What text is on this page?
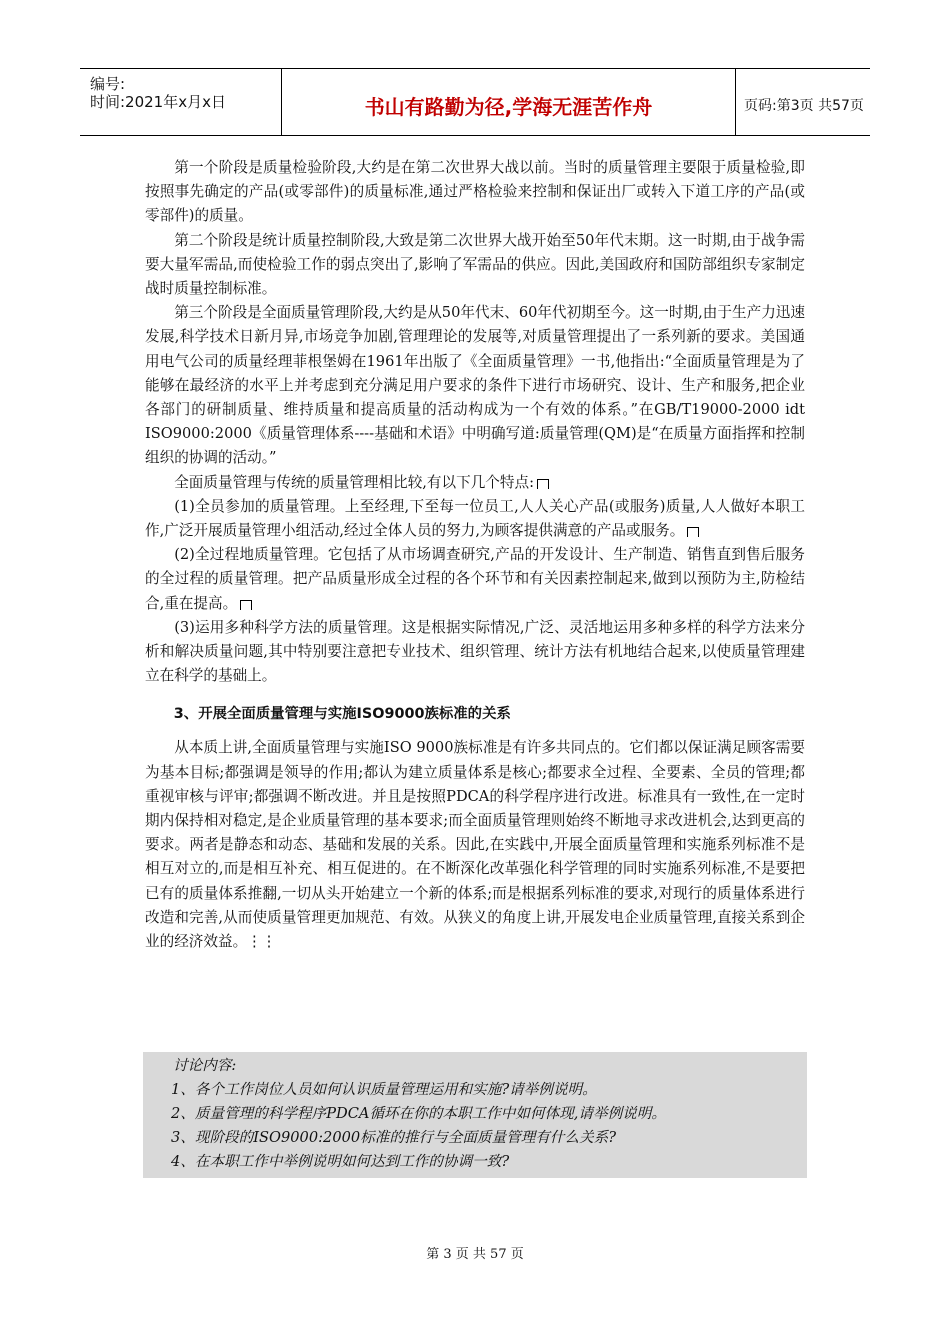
编号:
时间:2021年x月x日	书山有路勤为径,学海无涯苦作舟	页码:第3页 共57页

第一个阶段是质量检验阶段,大约是在第二次世界大战以前。当时的质量管理主要限于质量检验,即按照事先确定的产品(或零部件)的质量标准,通过严格检验来控制和保证出厂或转入下道工序的产品(或零部件)的质量。

第二个阶段是统计质量控制阶段,大致是第二次世界大战开始至50年代末期。这一时期,由于战争需要大量军需品,而使检验工作的弱点突出了,影响了军需品的供应。因此,美国政府和国防部组织专家制定战时质量控制标准。

第三个阶段是全面质量管理阶段,大约是从50年代末、60年代初期至今。这一时期,由于生产力迅速发展,科学技术日新月异,市场竞争加剧,管理理论的发展等,对质量管理提出了一系列新的要求。美国通用电气公司的质量经理菲根堡姆在1961年出版了《全面质量管理》一书,他指出:“全面质量管理是为了能够在最经济的水平上并考虑到充分满足用户要求的条件下进行市场研究、设计、生产和服务,把企业各部门的研制质量、维持质量和提高质量的活动构成为一个有效的体系。”在GB/T19000-2000 idt ISO9000:2000《质量管理体系----基础和术语》中明确写道:质量管理(QM)是“在质量方面指挥和控制组织的协调的活动。”

全面质量管理与传统的质量管理相比较,有以下几个特点:

(1)全员参加的质量管理。上至经理,下至每一位员工,人人关心产品(或服务)质量,人人做好本职工作,广泛开展质量管理小组活动,经过全体人员的努力,为顾客提供满意的产品或服务。

(2)全过程地质量管理。它包括了从市场调查研究,产品的开发设计、生产制造、销售直到售后服务的全过程的质量管理。把产品质量形成全过程的各个环节和有关因素控制起来,做到以预防为主,防检结合,重在提高。

(3)运用多种科学方法的质量管理。这是根据实际情况,广泛、灵活地运用多种多样的科学方法来分析和解决质量问题,其中特别要注意把专业技术、组织管理、统计方法有机地结合起来,以使质量管理建立在科学的基础上。

3、开展全面质量管理与实施ISO9000族标准的关系

从本质上讲,全面质量管理与实施ISO 9000族标准是有许多共同点的。它们都以保证满足顾客需要为基本目标;都强调是领导的作用;都认为建立质量体系是核心;都要求全过程、全要素、全员的管理;都重视审核与评审;都强调不断改进。并且是按照PDCA的科学程序进行改进。标准具有一致性,在一定时期内保持相对稳定,是企业质量管理的基本要求;而全面质量管理则始终不断地寻求改进机会,达到更高的要求。两者是静态和动态、基础和发展的关系。因此,在实践中,开展全面质量管理和实施系列标准不是相互对立的,而是相互补充、相互促进的。在不断深化改革强化科学管理的同时实施系列标准,不是要把已有的质量体系推翻,一切从头开始建立一个新的体系;而是根据系列标准的要求,对现行的质量体系进行改造和完善,从而使质量管理更加规范、有效。从狭义的角度上讲,开展发电企业质量管理,直接关系到企业的经济效益。⋮⋮

讨论内容:
1、各个工作岗位人员如何认识质量管理运用和实施?请举例说明。
2、质量管理的科学程序PDCA循环在你的本职工作中如何体现,请举例说明。
3、现阶段的ISO9000:2000标准的推行与全面质量管理有什么关系?
4、在本职工作中举例说明如何达到工作的协调一致?
第 3 页 共 57 页
